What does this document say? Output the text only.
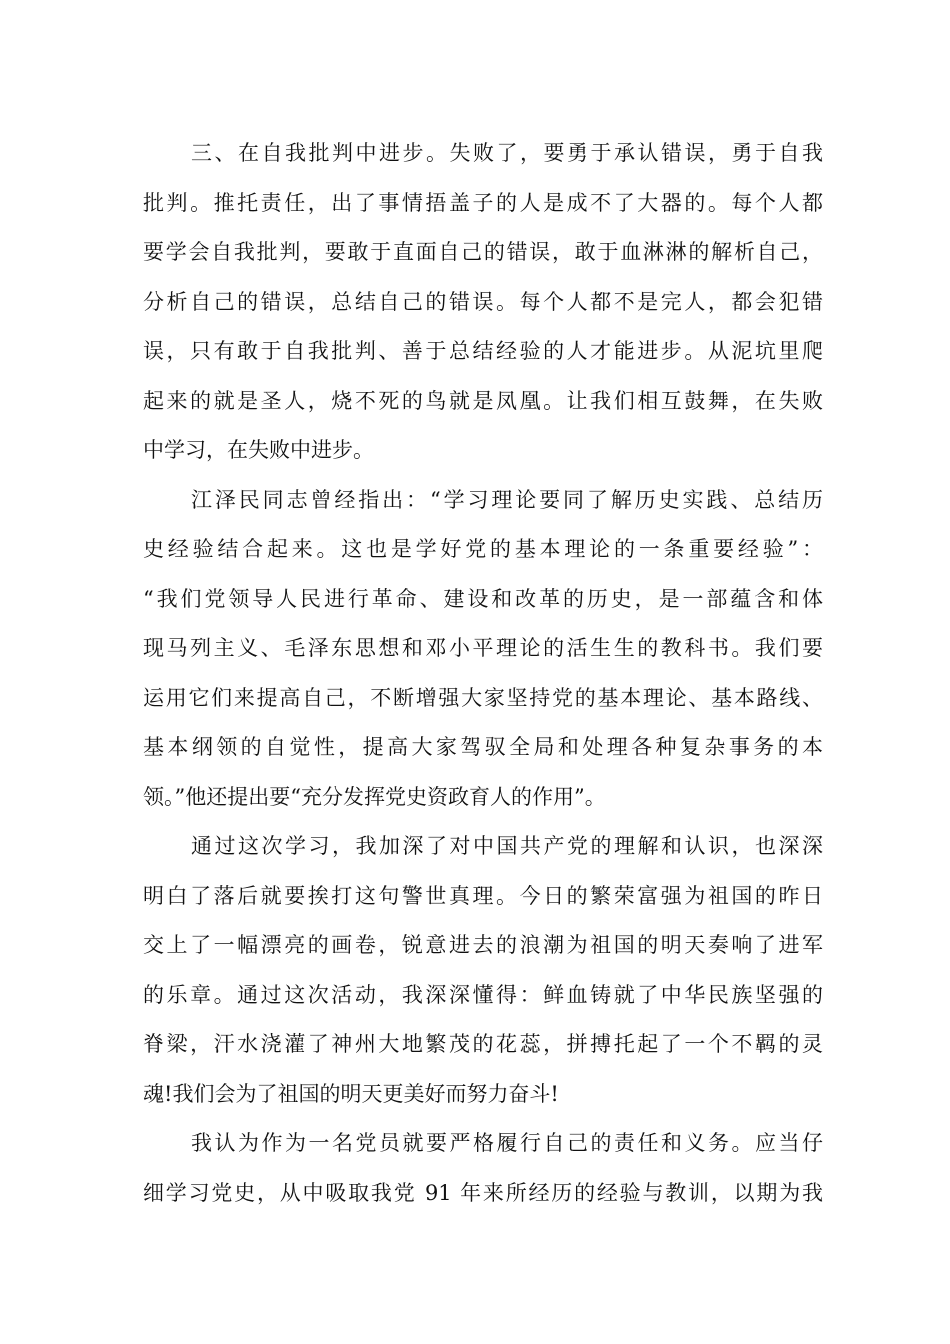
三、在自我批判中进步。失败了，要勇于承认错误，勇于自我
批判。推托责任，出了事情捂盖子的人是成不了大器的。每个人都
要学会自我批判，要敢于直面自己的错误，敢于血淋淋的解析自己，
分析自己的错误，总结自己的错误。每个人都不是完人，都会犯错
误，只有敢于自我批判、善于总结经验的人才能进步。从泥坑里爬
起来的就是圣人，烧不死的鸟就是凤凰。让我们相互鼓舞，在失败
中学习，在失败中进步。
江泽民同志曾经指出：“学习理论要同了解历史实践、总结历
史经验结合起来。这也是学好党的基本理论的一条重要经验”：
“我们党领导人民进行革命、建设和改革的历史，是一部蕴含和体
现马列主义、毛泽东思想和邓小平理论的活生生的教科书。我们要
运用它们来提高自己，不断增强大家坚持党的基本理论、基本路线、
基本纲领的自觉性，提高大家驾驭全局和处理各种复杂事务的本
领。”他还提出要“充分发挥党史资政育人的作用”。
通过这次学习，我加深了对中国共产党的理解和认识，也深深
明白了落后就要挨打这句警世真理。今日的繁荣富强为祖国的昨日
交上了一幅漂亮的画卷，锐意进去的浪潮为祖国的明天奏响了进军
的乐章。通过这次活动，我深深懂得：鲜血铸就了中华民族坚强的
脊梁，汗水浇灌了神州大地繁茂的花蕊，拼搏托起了一个不羁的灵
魂!我们会为了祖国的明天更美好而努力奋斗!
我认为作为一名党员就要严格履行自己的责任和义务。应当仔
细学习党史，从中吸取我党 91 年来所经历的经验与教训，以期为我
